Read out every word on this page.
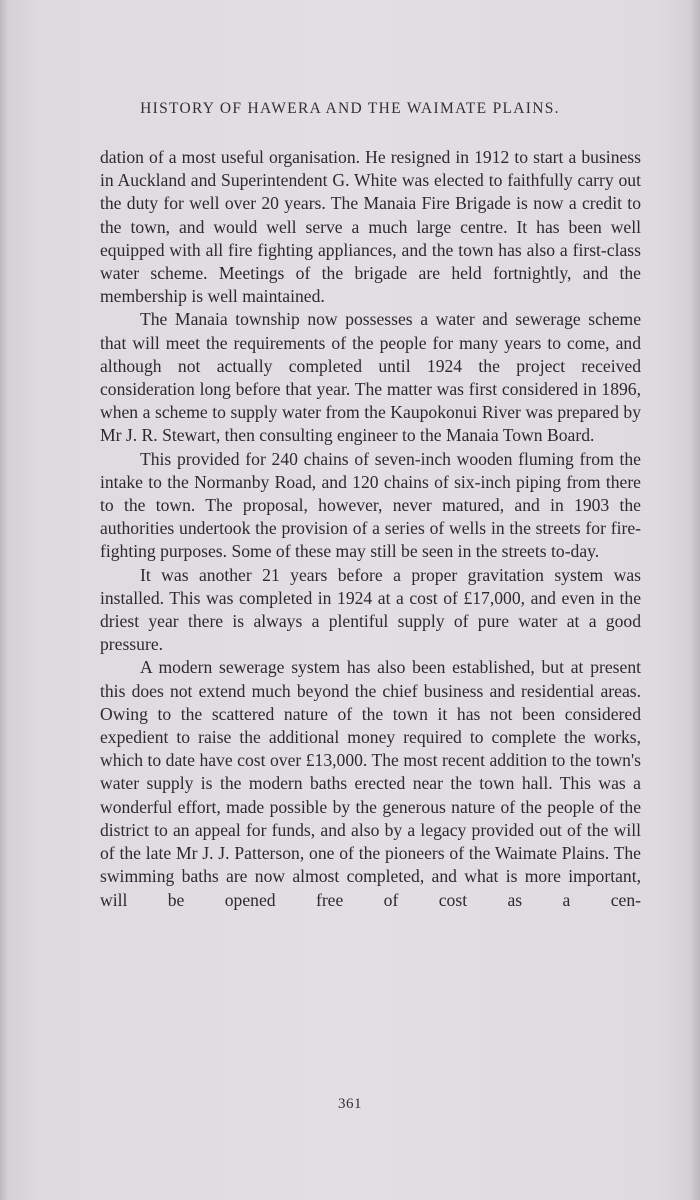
HISTORY OF HAWERA AND THE WAIMATE PLAINS.

dation of a most useful organisation. He resigned in 1912 to start a business in Auckland and Superintendent G. White was elected to faithfully carry out the duty for well over 20 years. The Manaia Fire Brigade is now a credit to the town, and would well serve a much large centre. It has been well equipped with all fire fighting appliances, and the town has also a first-class water scheme. Meetings of the brigade are held fortnightly, and the membership is well maintained.

The Manaia township now possesses a water and sewerage scheme that will meet the requirements of the people for many years to come, and although not actually completed until 1924 the project received consideration long before that year. The matter was first considered in 1896, when a scheme to supply water from the Kaupokonui River was prepared by Mr J. R. Stewart, then consulting engineer to the Manaia Town Board.

This provided for 240 chains of seven-inch wooden fluming from the intake to the Normanby Road, and 120 chains of six-inch piping from there to the town. The proposal, however, never matured, and in 1903 the authorities undertook the provision of a series of wells in the streets for fire-fighting purposes. Some of these may still be seen in the streets to-day.

It was another 21 years before a proper gravitation system was installed. This was completed in 1924 at a cost of £17,000, and even in the driest year there is always a plentiful supply of pure water at a good pressure.

A modern sewerage system has also been established, but at present this does not extend much beyond the chief business and residential areas. Owing to the scattered nature of the town it has not been considered expedient to raise the additional money required to complete the works, which to date have cost over £13,000. The most recent addition to the town's water supply is the modern baths erected near the town hall. This was a wonderful effort, made possible by the generous nature of the people of the district to an appeal for funds, and also by a legacy provided out of the will of the late Mr J. J. Patterson, one of the pioneers of the Waimate Plains. The swimming baths are now almost completed, and what is more important, will be opened free of cost as a cen-

361
